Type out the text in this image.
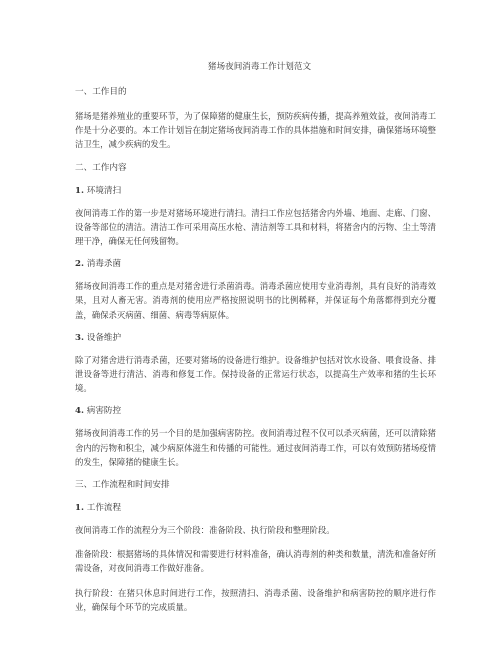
猪场夜间消毒工作计划范文
一、工作目的

猪场是猪养殖业的重要环节，为了保障猪的健康生长，预防疾病传播，提高养殖效益，夜间消毒工作是十分必要的。本工作计划旨在制定猪场夜间消毒工作的具体措施和时间安排，确保猪场环境整洁卫生，减少疾病的发生。

二、工作内容
1. 环境清扫

夜间消毒工作的第一步是对猪场环境进行清扫。清扫工作应包括猪舍内外墙、地面、走廊、门窗、设备等部位的清洁。清洁工作可采用高压水枪、清洁剂等工具和材料，将猪舍内的污物、尘土等清理干净，确保无任何残留物。

2. 消毒杀菌

猪场夜间消毒工作的重点是对猪舍进行杀菌消毒。消毒杀菌应使用专业消毒剂，具有良好的消毒效果，且对人畜无害。消毒剂的使用应严格按照说明书的比例稀释，并保证每个角落都得到充分覆盖，确保杀灭病菌、细菌、病毒等病原体。

3. 设备维护

除了对猪舍进行消毒杀菌，还要对猪场的设备进行维护。设备维护包括对饮水设备、喂食设备、排泄设备等进行清洁、消毒和修复工作。保持设备的正常运行状态，以提高生产效率和猪的生长环境。

4. 病害防控

猪场夜间消毒工作的另一个目的是加强病害防控。夜间消毒过程不仅可以杀灭病菌，还可以清除猪舍内的污物和积尘，减少病原体滋生和传播的可能性。通过夜间消毒工作，可以有效预防猪场疫情的发生，保障猪的健康生长。

三、工作流程和时间安排
1. 工作流程

夜间消毒工作的流程分为三个阶段：准备阶段、执行阶段和整理阶段。

准备阶段：根据猪场的具体情况和需要进行材料准备，确认消毒剂的种类和数量，清洗和准备好所需设备，对夜间消毒工作做好准备。

执行阶段：在猪只休息时间进行工作，按照清扫、消毒杀菌、设备维护和病害防控的顺序进行作业，确保每个环节的完成质量。
